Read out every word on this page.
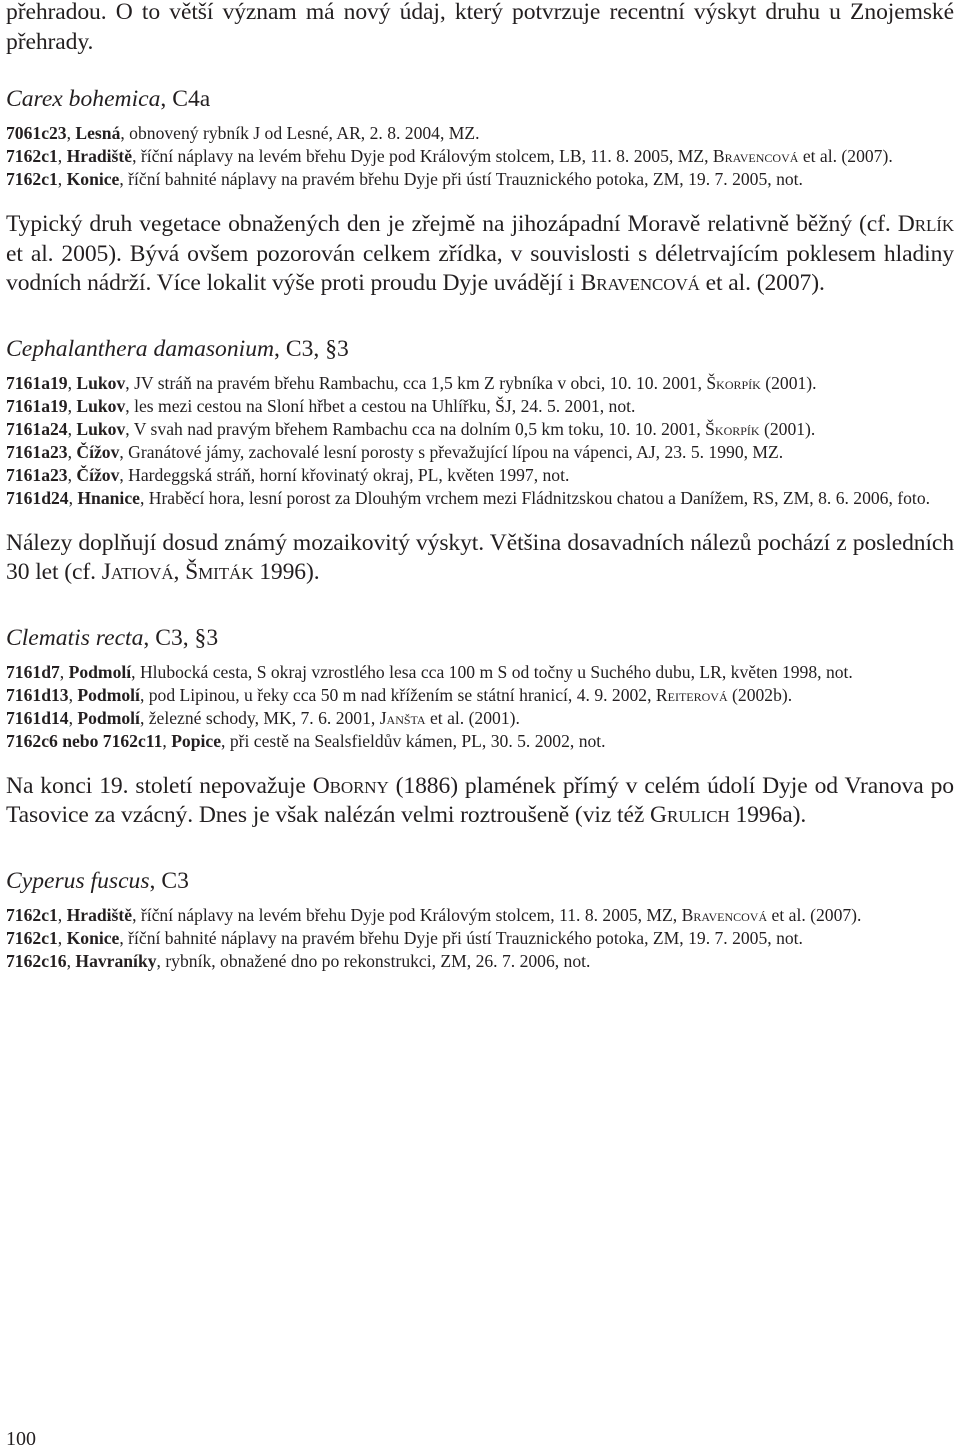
přehradou. O to větší význam má nový údaj, který potvrzuje recentní výskyt druhu u Znojemské přehrady.

Carex bohemica, C4a

7061c23, Lesná, obnovený rybník J od Lesné, AR, 2. 8. 2004, MZ.

7162c1, Hradiště, říční náplavy na levém břehu Dyje pod Královým stolcem, LB, 11. 8. 2005, MZ, Bravencová et al. (2007).

7162c1, Konice, říční bahnité náplavy na pravém břehu Dyje při ústí Trauznického potoka, ZM, 19. 7. 2005, not.

Typický druh vegetace obnažených den je zřejmě na jihozápadní Moravě relativně běžný (cf. Drlík et al. 2005). Bývá ovšem pozorován celkem zřídka, v souvislosti s déletrvajícím poklesem hladiny vodních nádrží. Více lokalit výše proti proudu Dyje uvádějí i Bravencová et al. (2007).

Cephalanthera damasonium, C3, §3

7161a19, Lukov, JV stráň na pravém břehu Rambachu, cca 1,5 km Z rybníka v obci, 10. 10. 2001, Škorpík (2001).

7161a19, Lukov, les mezi cestou na Sloní hřbet a cestou na Uhlířku, ŠJ, 24. 5. 2001, not.

7161a24, Lukov, V svah nad pravým břehem Rambachu cca na dolním 0,5 km toku, 10. 10. 2001, Škorpík (2001).

7161a23, Čížov, Granátové jámy, zachovalé lesní porosty s převažující lípou na vápenci, AJ, 23. 5. 1990, MZ.

7161a23, Čížov, Hardeggská stráň, horní křovinatý okraj, PL, květen 1997, not.

7161d24, Hnanice, Hraběcí hora, lesní porost za Dlouhým vrchem mezi Fládnitzskou chatou a Danížem, RS, ZM, 8. 6. 2006, foto.

Nálezy doplňují dosud známý mozaikovitý výskyt. Většina dosavadních nálezů pochází z posledních 30 let (cf. Jatiová, Šmiták 1996).

Clematis recta, C3, §3

7161d7, Podmolí, Hlubocká cesta, S okraj vzrostlého lesa cca 100 m S od točny u Suchého dubu, LR, květen 1998, not.

7161d13, Podmolí, pod Lipinou, u řeky cca 50 m nad křížením se státní hranicí, 4. 9. 2002, Reiterová (2002b).

7161d14, Podmolí, železné schody, MK, 7. 6. 2001, Janšta et al. (2001).

7162c6 nebo 7162c11, Popice, při cestě na Sealsfieldův kámen, PL, 30. 5. 2002, not.

Na konci 19. století nepovažuje Oborny (1886) plamének přímý v celém údolí Dyje od Vranova po Tasovice za vzácný. Dnes je však nalézán velmi roztroušeně (viz též Grulich 1996a).

Cyperus fuscus, C3

7162c1, Hradiště, říční náplavy na levém břehu Dyje pod Královým stolcem, 11. 8. 2005, MZ, Bravencová et al. (2007).

7162c1, Konice, říční bahnité náplavy na pravém břehu Dyje při ústí Trauznického potoka, ZM, 19. 7. 2005, not.

7162c16, Havraníky, rybník, obnažené dno po rekonstrukci, ZM, 26. 7. 2006, not.

100
